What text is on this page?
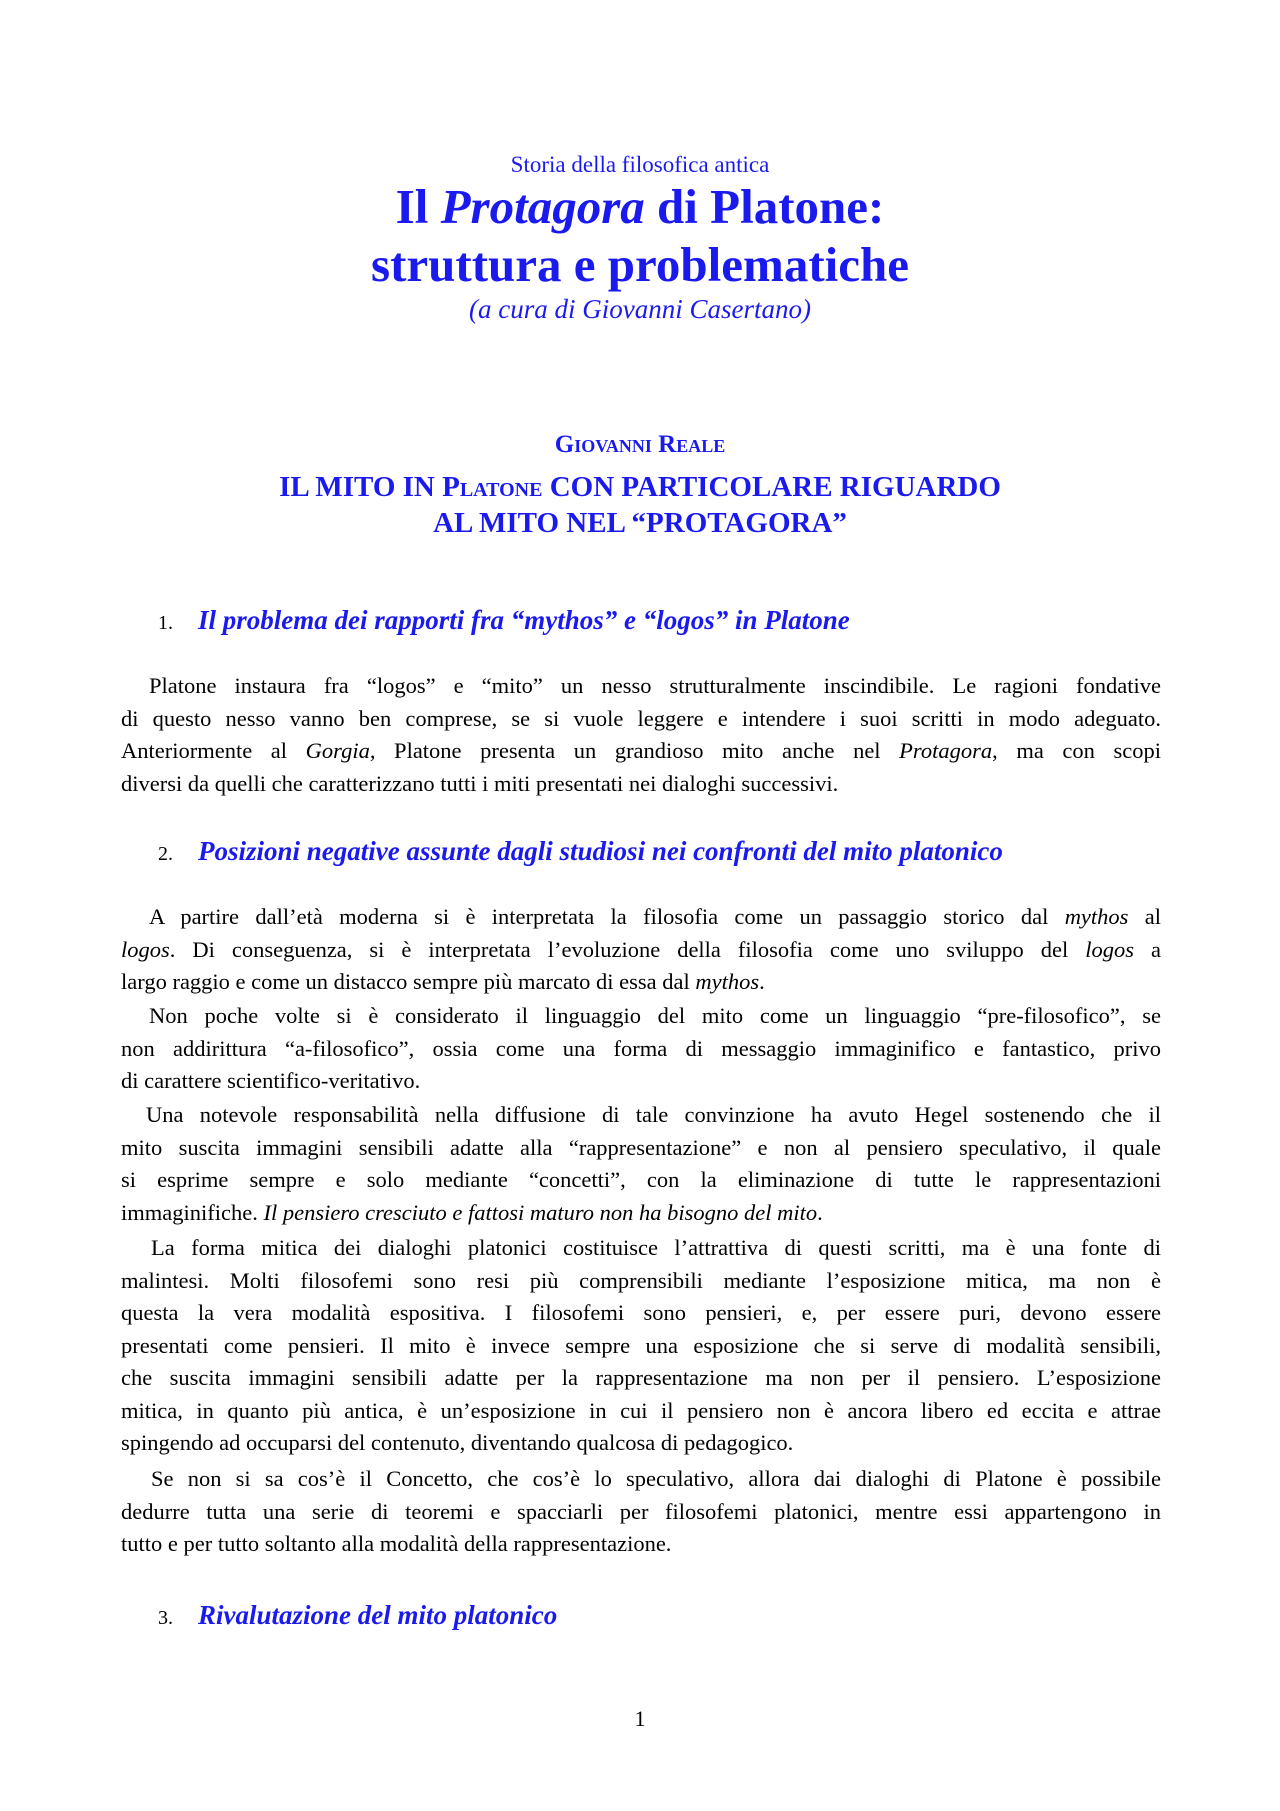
Storia della filosofica antica
Il Protagora di Platone:
struttura e problematiche
(a cura di Giovanni Casertano)
Giovanni Reale
IL MITO IN Platone CON PARTICOLARE RIGUARDO
AL MITO NEL “PROTAGORA”
1. Il problema dei rapporti fra “mythos” e “logos” in Platone
Platone instaura fra “logos” e “mito” un nesso strutturalmente inscindibile. Le ragioni fondative
di questo nesso vanno ben comprese, se si vuole leggere e intendere i suoi scritti in modo adeguato.
Anteriormente al Gorgia, Platone presenta un grandioso mito anche nel Protagora, ma con scopi
diversi da quelli che caratterizzano tutti i miti presentati nei dialoghi successivi.
2. Posizioni negative assunte dagli studiosi nei confronti del mito platonico
A partire dall’età moderna si è interpretata la filosofia come un passaggio storico dal mythos al
logos. Di conseguenza, si è interpretata l’evoluzione della filosofia come uno sviluppo del logos a
largo raggio e come un distacco sempre più marcato di essa dal mythos.
Non poche volte si è considerato il linguaggio del mito come un linguaggio “pre-filosofico”, se
non addirittura “a-filosofico”, ossia come una forma di messaggio immaginifico e fantastico, privo
di carattere scientifico-veritativo.
Una notevole responsabilità nella diffusione di tale convinzione ha avuto Hegel sostenendo che il
mito suscita immagini sensibili adatte alla “rappresentazione” e non al pensiero speculativo, il quale
si esprime sempre e solo mediante “concetti”, con la eliminazione di tutte le rappresentazioni
immaginifiche. Il pensiero cresciuto e fattosi maturo non ha bisogno del mito.
La forma mitica dei dialoghi platonici costituisce l’attrattiva di questi scritti, ma è una fonte di
malintesi. Molti filosofemi sono resi più comprensibili mediante l’esposizione mitica, ma non è
questa la vera modalità espositiva. I filosofemi sono pensieri, e, per essere puri, devono essere
presentati come pensieri. Il mito è invece sempre una esposizione che si serve di modalità sensibili,
che suscita immagini sensibili adatte per la rappresentazione ma non per il pensiero. L’esposizione
mitica, in quanto più antica, è un’esposizione in cui il pensiero non è ancora libero ed eccita e attrae
spingendo ad occuparsi del contenuto, diventando qualcosa di pedagogico.
Se non si sa cos’è il Concetto, che cos’è lo speculativo, allora dai dialoghi di Platone è possibile
dedurre tutta una serie di teoremi e spacciarli per filosofemi platonici, mentre essi appartengono in
tutto e per tutto soltanto alla modalità della rappresentazione.
3. Rivalutazione del mito platonico
1
